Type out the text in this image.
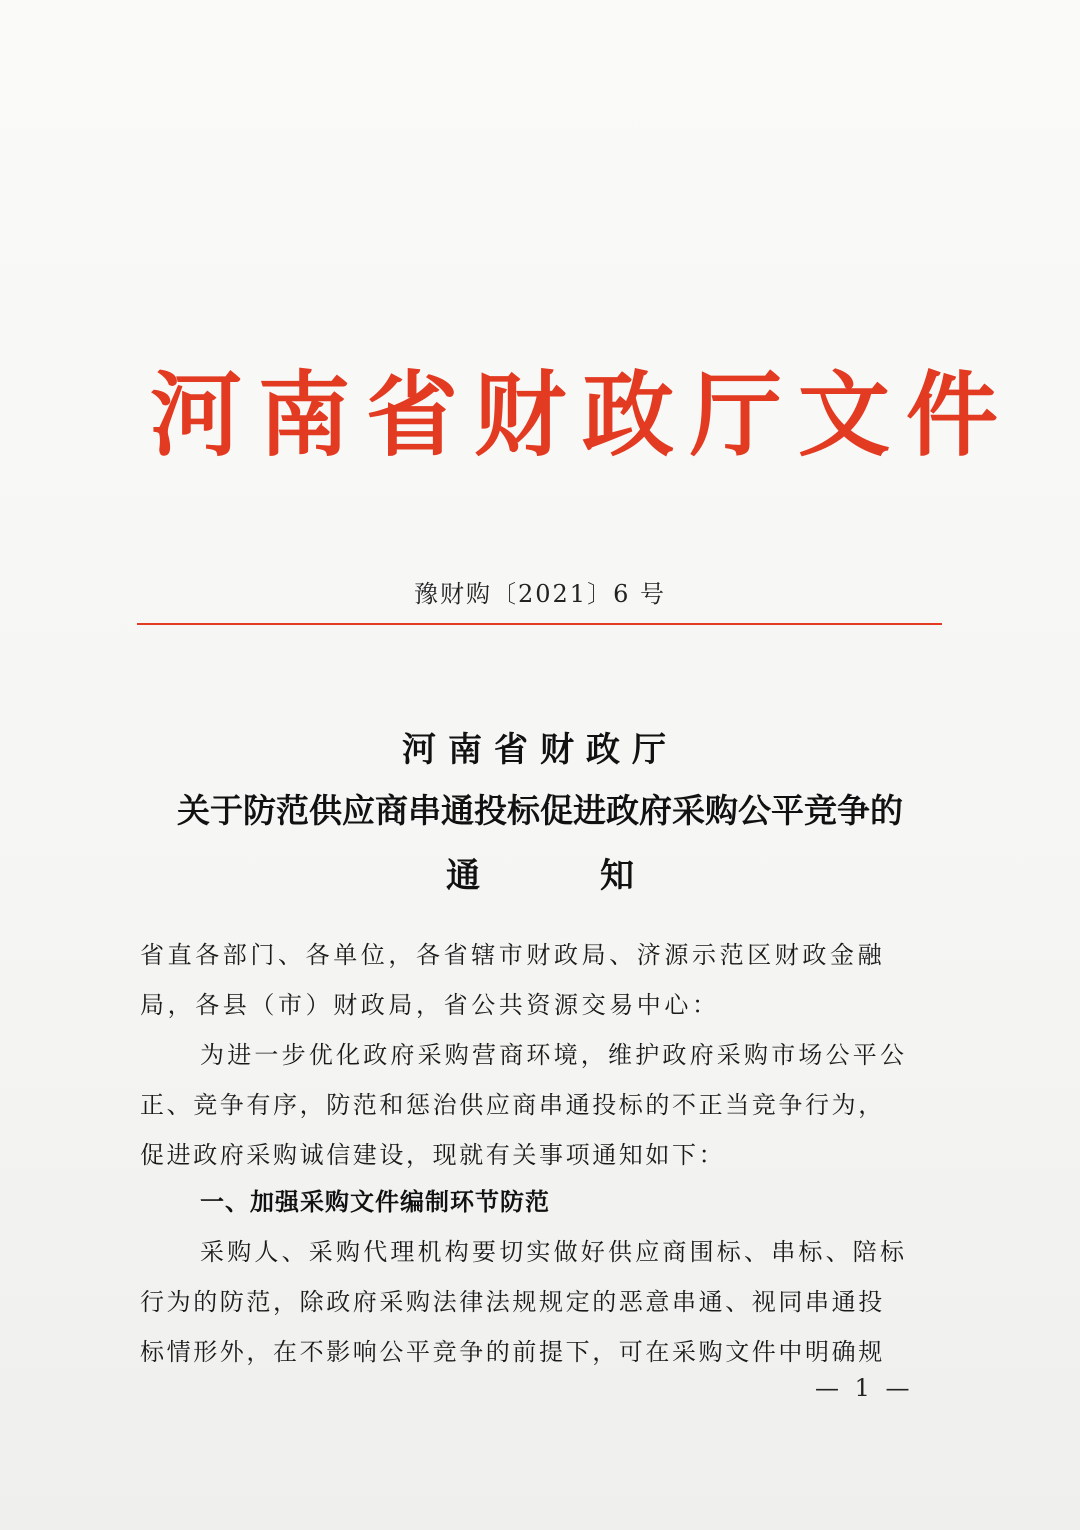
河南省财政厅文件
豫财购〔2021〕6 号
河南省财政厅
关于防范供应商串通投标促进政府采购公平竞争的
通	知
省直各部门、各单位，各省辖市财政局、济源示范区财政金融
局，各县（市）财政局，省公共资源交易中心：
为进一步优化政府采购营商环境，维护政府采购市场公平公
正、竞争有序，防范和惩治供应商串通投标的不正当竞争行为，
促进政府采购诚信建设，现就有关事项通知如下：
一、加强采购文件编制环节防范
采购人、采购代理机构要切实做好供应商围标、串标、陪标
行为的防范，除政府采购法律法规规定的恶意串通、视同串通投
标情形外，在不影响公平竞争的前提下，可在采购文件中明确规
— 1 —
